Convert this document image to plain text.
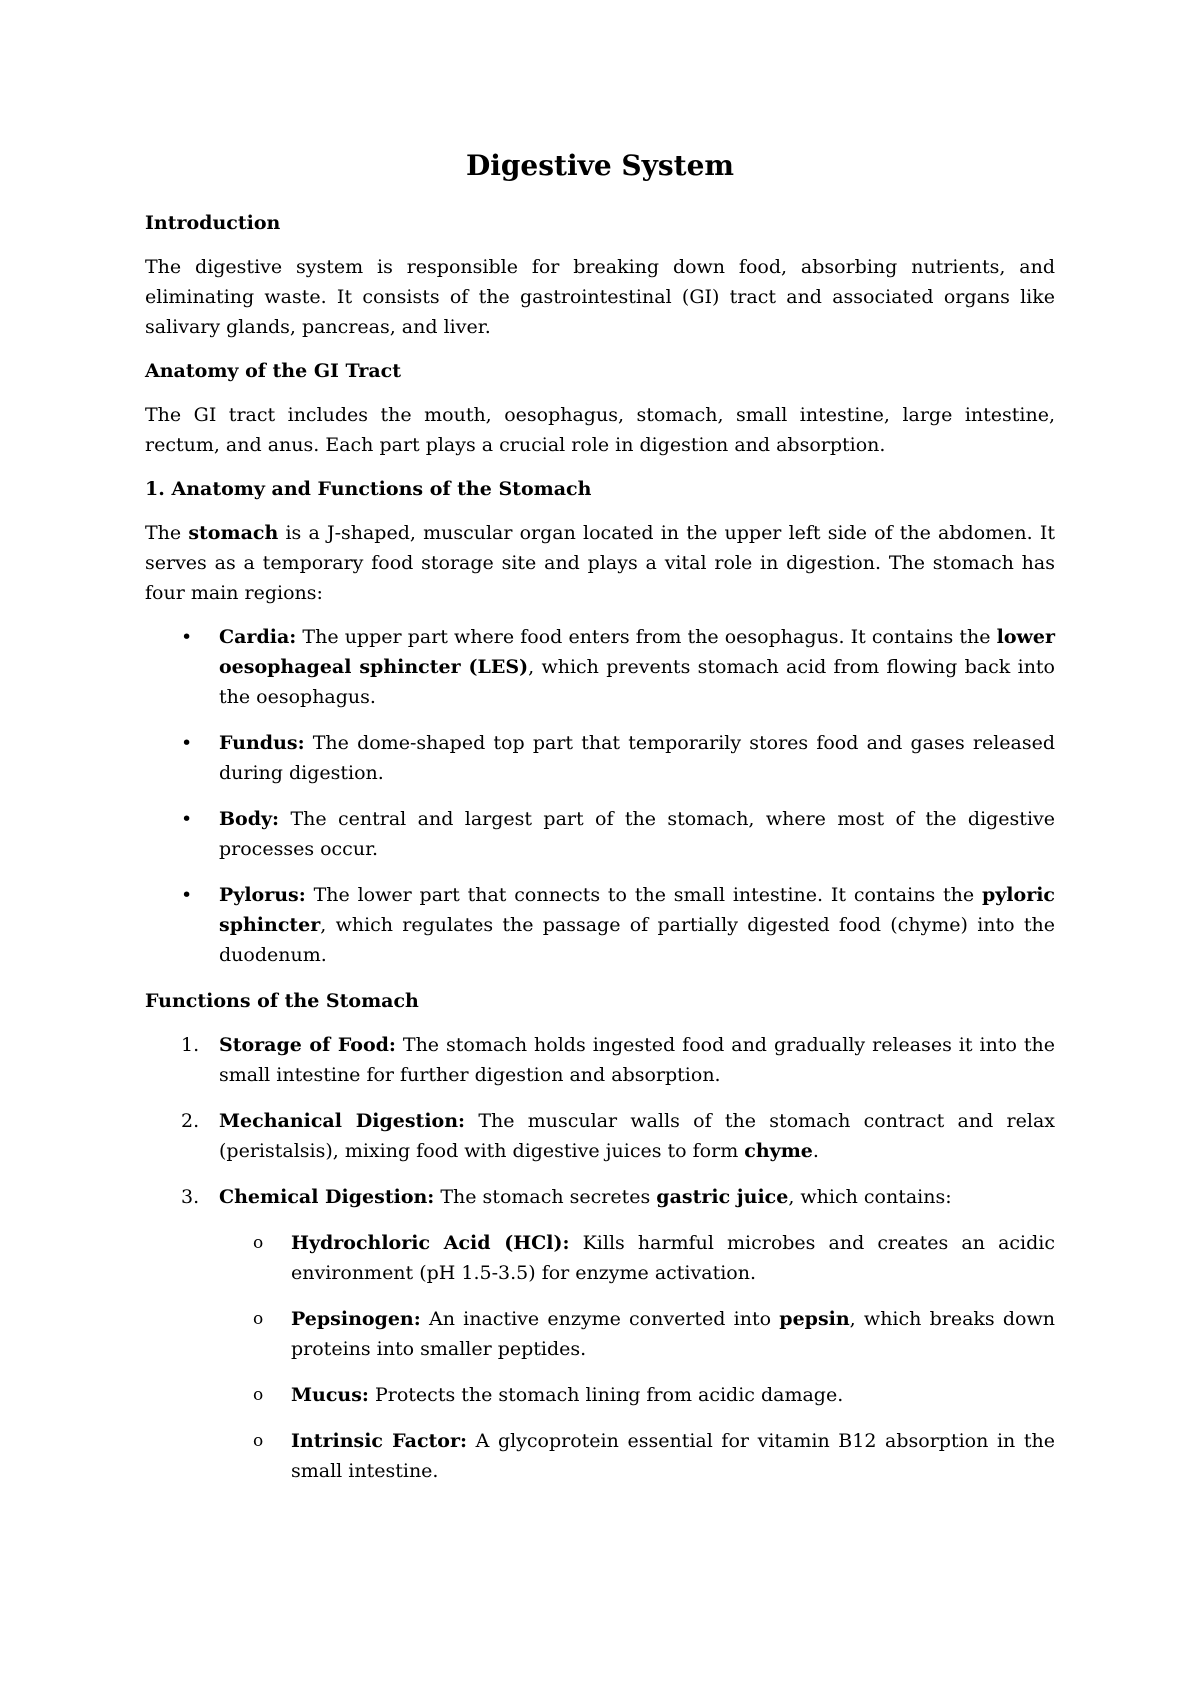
Digestive System
Introduction

The digestive system is responsible for breaking down food, absorbing nutrients, and eliminating waste. It consists of the gastrointestinal (GI) tract and associated organs like salivary glands, pancreas, and liver.

Anatomy of the GI Tract

The GI tract includes the mouth, oesophagus, stomach, small intestine, large intestine, rectum, and anus. Each part plays a crucial role in digestion and absorption.

1. Anatomy and Functions of the Stomach

The stomach is a J-shaped, muscular organ located in the upper left side of the abdomen. It serves as a temporary food storage site and plays a vital role in digestion. The stomach has four main regions:

•	Cardia: The upper part where food enters from the oesophagus. It contains the lower oesophageal sphincter (LES), which prevents stomach acid from flowing back into the oesophagus.
•	Fundus: The dome-shaped top part that temporarily stores food and gases released during digestion.
•	Body: The central and largest part of the stomach, where most of the digestive processes occur.
•	Pylorus: The lower part that connects to the small intestine. It contains the pyloric sphincter, which regulates the passage of partially digested food (chyme) into the duodenum.
Functions of the Stomach
1.	Storage of Food: The stomach holds ingested food and gradually releases it into the small intestine for further digestion and absorption.
2.	Mechanical Digestion: The muscular walls of the stomach contract and relax (peristalsis), mixing food with digestive juices to form chyme.
3.	Chemical Digestion: The stomach secretes gastric juice, which contains:
o Hydrochloric Acid (HCl): Kills harmful microbes and creates an acidic environment (pH 1.5-3.5) for enzyme activation.
o Pepsinogen: An inactive enzyme converted into pepsin, which breaks down proteins into smaller peptides.
o Mucus: Protects the stomach lining from acidic damage.
o Intrinsic Factor: A glycoprotein essential for vitamin B12 absorption in the small intestine.
